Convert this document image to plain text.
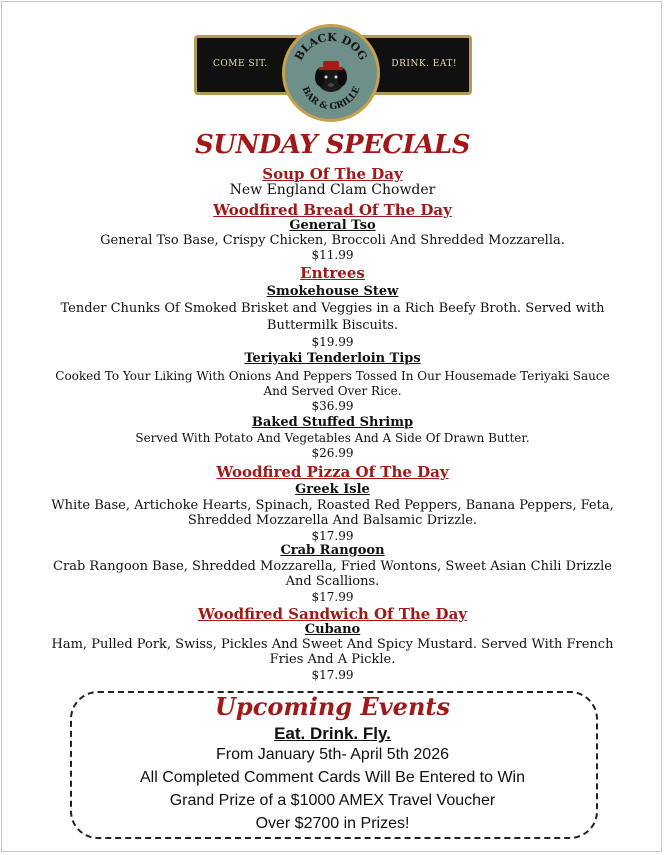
COME SIT.	DRINK. EAT!
BLACK DOG
BAR & GRILLE
SUNDAY SPECIALS
Soup Of The Day
New England Clam Chowder
Woodfired Bread Of The Day
General Tso
General Tso Base, Crispy Chicken, Broccoli And Shredded Mozzarella.
$11.99
Entrees
Smokehouse Stew
Tender Chunks Of Smoked Brisket and Veggies in a Rich Beefy Broth. Served with
Buttermilk Biscuits.
$19.99
Teriyaki Tenderloin Tips
Cooked To Your Liking With Onions And Peppers Tossed In Our Housemade Teriyaki Sauce
And Served Over Rice.
$36.99
Baked Stuffed Shrimp
Served With Potato And Vegetables And A Side Of Drawn Butter.
$26.99
Woodfired Pizza Of The Day
Greek Isle
White Base, Artichoke Hearts, Spinach, Roasted Red Peppers, Banana Peppers, Feta,
Shredded Mozzarella And Balsamic Drizzle.
$17.99
Crab Rangoon
Crab Rangoon Base, Shredded Mozzarella, Fried Wontons, Sweet Asian Chili Drizzle
And Scallions.
$17.99
Woodfired Sandwich Of The Day
Cubano
Ham, Pulled Pork, Swiss, Pickles And Sweet And Spicy Mustard. Served With French
Fries And A Pickle.
$17.99
Upcoming Events
Eat. Drink. Fly.
From January 5th- April 5th 2026
All Completed Comment Cards Will Be Entered to Win
Grand Prize of a $1000 AMEX Travel Voucher
Over $2700 in Prizes!
